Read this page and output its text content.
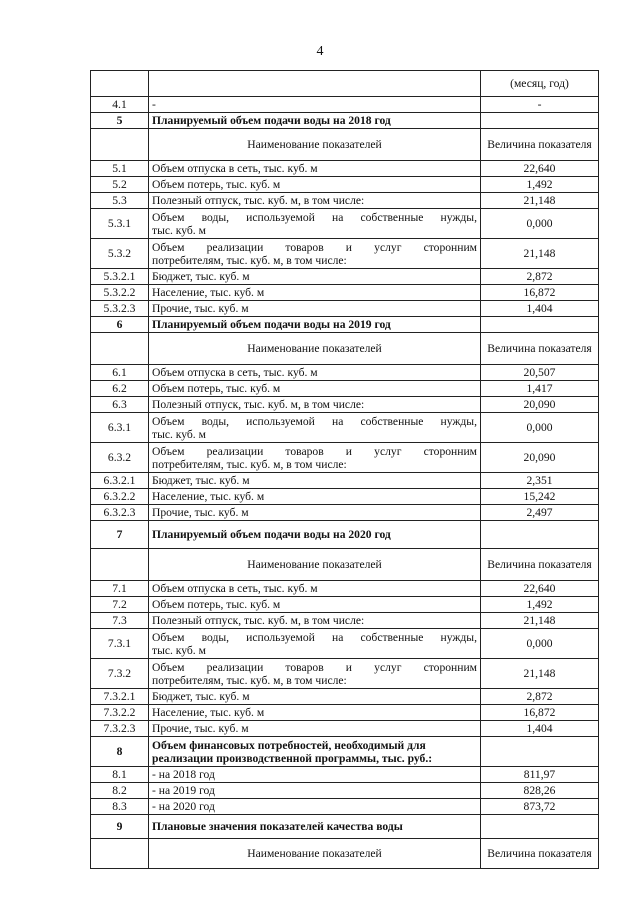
4
		(месяц, год)
4.1	-	-
5	Планируемый объем подачи воды на 2018 год	
	Наименование показателей	Величина показателя
5.1	Объем отпуска в сеть, тыс. куб. м	22,640
5.2	Объем потерь, тыс. куб. м	1,492
5.3	Полезный отпуск, тыс. куб. м, в том числе:	21,148
5.3.1	Объем воды, используемой на собственные нужды,
тыс. куб. м	0,000
5.3.2	Объем реализации товаров и услуг сторонним
потребителям, тыс. куб. м, в том числе:	21,148
5.3.2.1	Бюджет, тыс. куб. м	2,872
5.3.2.2	Население, тыс. куб. м	16,872
5.3.2.3	Прочие, тыс. куб. м	1,404
6	Планируемый объем подачи воды на 2019 год	
	Наименование показателей	Величина показателя
6.1	Объем отпуска в сеть, тыс. куб. м	20,507
6.2	Объем потерь, тыс. куб. м	1,417
6.3	Полезный отпуск, тыс. куб. м, в том числе:	20,090
6.3.1	Объем воды, используемой на собственные нужды,
тыс. куб. м	0,000
6.3.2	Объем реализации товаров и услуг сторонним
потребителям, тыс. куб. м, в том числе:	20,090
6.3.2.1	Бюджет, тыс. куб. м	2,351
6.3.2.2	Население, тыс. куб. м	15,242
6.3.2.3	Прочие, тыс. куб. м	2,497
7	Планируемый объем подачи воды на 2020 год	
	Наименование показателей	Величина показателя
7.1	Объем отпуска в сеть, тыс. куб. м	22,640
7.2	Объем потерь, тыс. куб. м	1,492
7.3	Полезный отпуск, тыс. куб. м, в том числе:	21,148
7.3.1	Объем воды, используемой на собственные нужды,
тыс. куб. м	0,000
7.3.2	Объем реализации товаров и услуг сторонним
потребителям, тыс. куб. м, в том числе:	21,148
7.3.2.1	Бюджет, тыс. куб. м	2,872
7.3.2.2	Население, тыс. куб. м	16,872
7.3.2.3	Прочие, тыс. куб. м	1,404
8	Объем финансовых потребностей, необходимый для
реализации производственной программы, тыс. руб.:	

8.1	- на 2018 год	811,97
8.2	- на 2019 год	828,26
8.3	- на 2020 год	873,72
9	Плановые значения показателей качества воды	
	Наименование показателей	Величина показателя
